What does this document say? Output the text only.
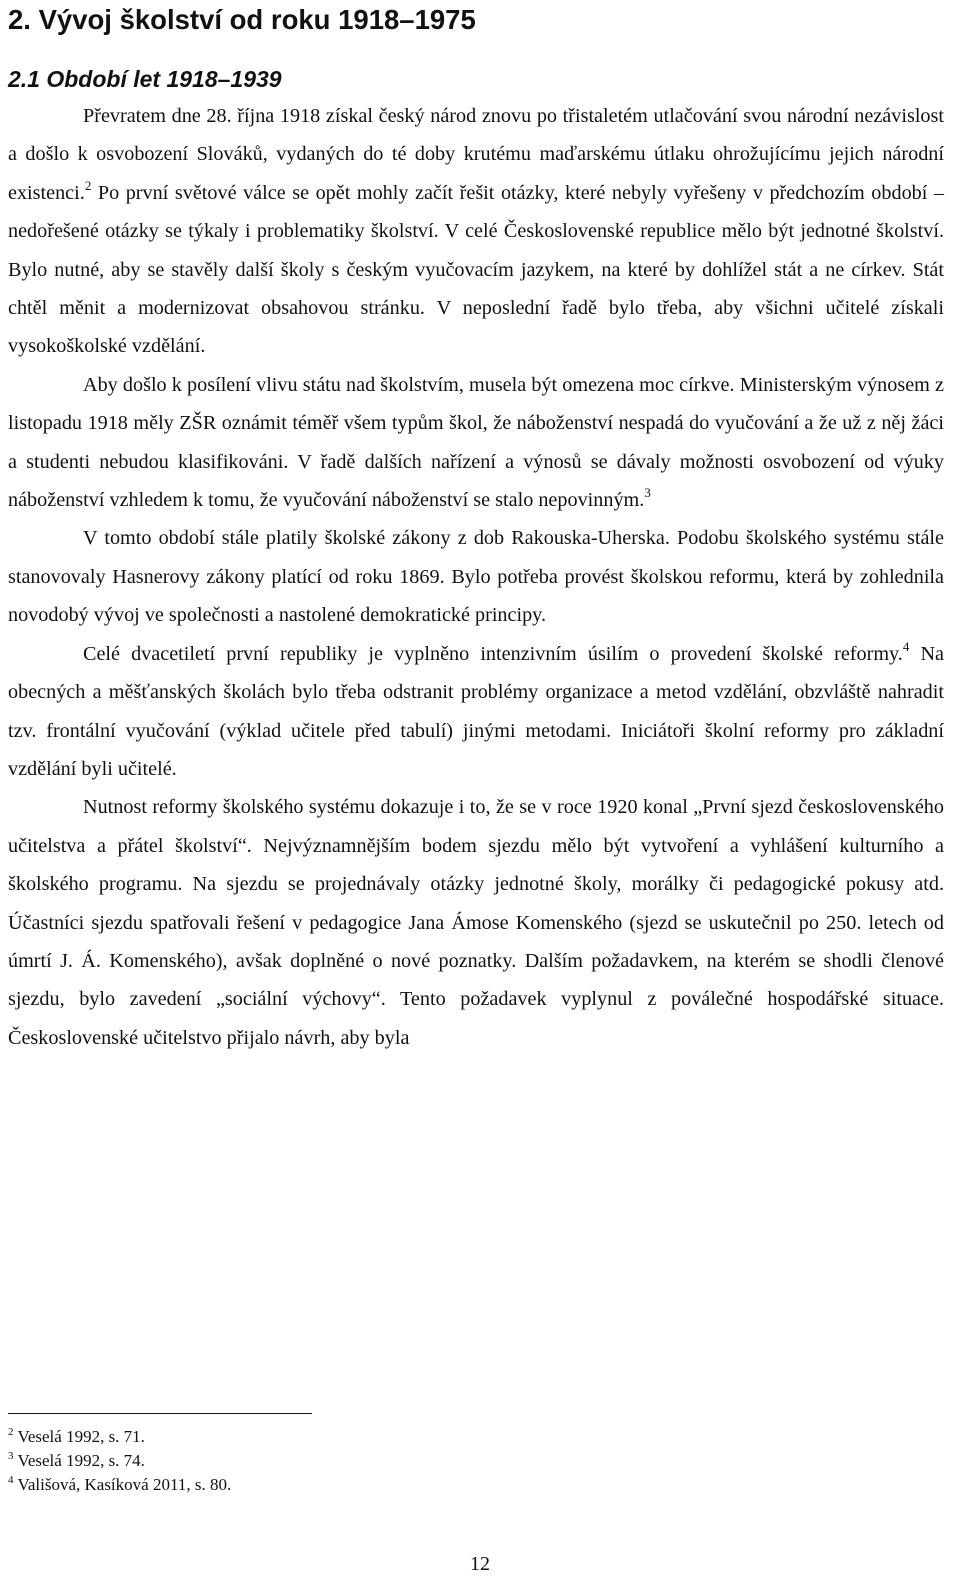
2. Vývoj školství od roku 1918–1975
2.1 Období let 1918–1939

Převratem dne 28. října 1918 získal český národ znovu po třistaletém utlačování svou národní nezávislost a došlo k osvobození Slováků, vydaných do té doby krutému maďarskému útlaku ohrožujícímu jejich národní existenci.$^2$ Po první světové válce se opět mohly začít řešit otázky, které nebyly vyřešeny v předchozím období – nedořešené otázky se týkaly i problematiky školství. V celé Československé republice mělo být jednotné školství. Bylo nutné, aby se stavěly další školy s českým vyučovacím jazykem, na které by dohlížel stát a ne církev. Stát chtěl měnit a modernizovat obsahovou stránku. V neposlední řadě bylo třeba, aby všichni učitelé získali vysokoškolské vzdělání.

Aby došlo k posílení vlivu státu nad školstvím, musela být omezena moc církve. Ministerským výnosem z listopadu 1918 měly ZŠR oznámit téměř všem typům škol, že náboženství nespadá do vyučování a že už z něj žáci a studenti nebudou klasifikováni. V řadě dalších nařízení a výnosů se dávaly možnosti osvobození od výuky náboženství vzhledem k tomu, že vyučování náboženství se stalo nepovinným.$^3$

V tomto období stále platily školské zákony z dob Rakouska-Uherska. Podobu školského systému stále stanovovaly Hasnerovy zákony platící od roku 1869. Bylo potřeba provést školskou reformu, která by zohlednila novodobý vývoj ve společnosti a nastolené demokratické principy.

Celé dvacetiletí první republiky je vyplněno intenzivním úsilím o provedení školské reformy.$^4$ Na obecných a měšťanských školách bylo třeba odstranit problémy organizace a metod vzdělání, obzvláště nahradit tzv. frontální vyučování (výklad učitele před tabulí) jinými metodami. Iniciátoři školní reformy pro základní vzdělání byli učitelé.

Nutnost reformy školského systému dokazuje i to, že se v roce 1920 konal „První sjezd československého učitelstva a přátel školství“. Nejvýznamnějším bodem sjezdu mělo být vytvoření a vyhlášení kulturního a školského programu. Na sjezdu se projednávaly otázky jednotné školy, morálky či pedagogické pokusy atd. Účastníci sjezdu spatřovali řešení v pedagogice Jana Ámose Komenského (sjezd se uskutečnil po 250. letech od úmrtí J. Á. Komenského), avšak doplněné o nové poznatky. Dalším požadavkem, na kterém se shodli členové sjezdu, bylo zavedení „sociální výchovy“. Tento požadavek vyplynul z poválečné hospodářské situace. Československé učitelstvo přijalo návrh, aby byla

$^2$ Veselá 1992, s. 71.
$^3$ Veselá 1992, s. 74.
$^4$ Vališová, Kasíková 2011, s. 80.
12
